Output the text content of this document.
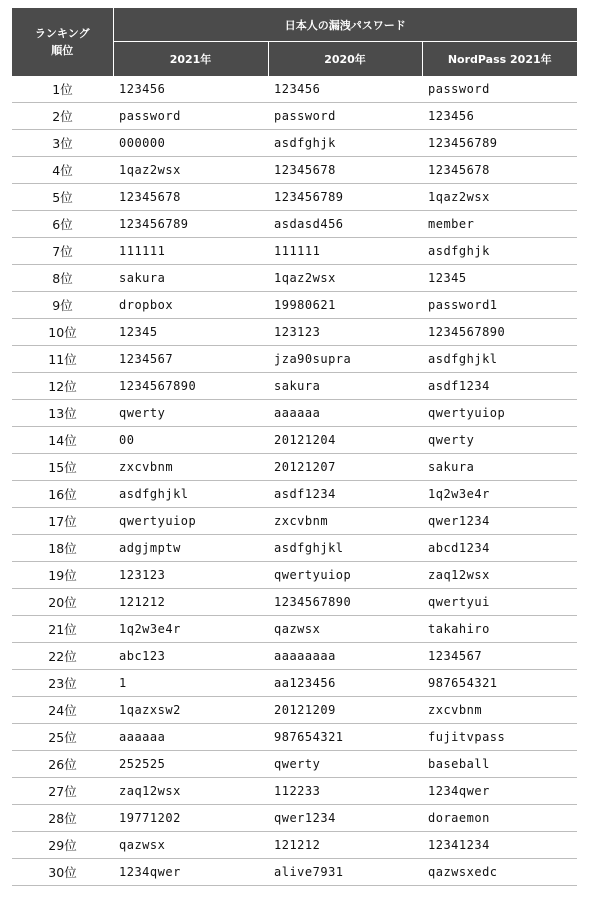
ランキング
順位	日本人の漏洩パスワード		
	2021年	2020年	NordPass 2021年
1位	123456	123456	password
2位	password	password	123456
3位	000000	asdfghjk	123456789
4位	1qaz2wsx	12345678	12345678
5位	12345678	123456789	1qaz2wsx
6位	123456789	asdasd456	member
7位	111111	111111	asdfghjk
8位	sakura	1qaz2wsx	12345
9位	dropbox	19980621	password1
10位	12345	123123	1234567890
11位	1234567	jza90supra	asdfghjkl
12位	1234567890	sakura	asdf1234
13位	qwerty	aaaaaa	qwertyuiop
14位	00	20121204	qwerty
15位	zxcvbnm	20121207	sakura
16位	asdfghjkl	asdf1234	1q2w3e4r
17位	qwertyuiop	zxcvbnm	qwer1234
18位	adgjmptw	asdfghjkl	abcd1234
19位	123123	qwertyuiop	zaq12wsx
20位	121212	1234567890	qwertyui
21位	1q2w3e4r	qazwsx	takahiro
22位	abc123	aaaaaaaa	1234567
23位	1	aa123456	987654321
24位	1qazxsw2	20121209	zxcvbnm
25位	aaaaaa	987654321	fujitvpass
26位	252525	qwerty	baseball
27位	zaq12wsx	112233	1234qwer
28位	19771202	qwer1234	doraemon
29位	qazwsx	121212	12341234
30位	1234qwer	alive7931	qazwsxedc
